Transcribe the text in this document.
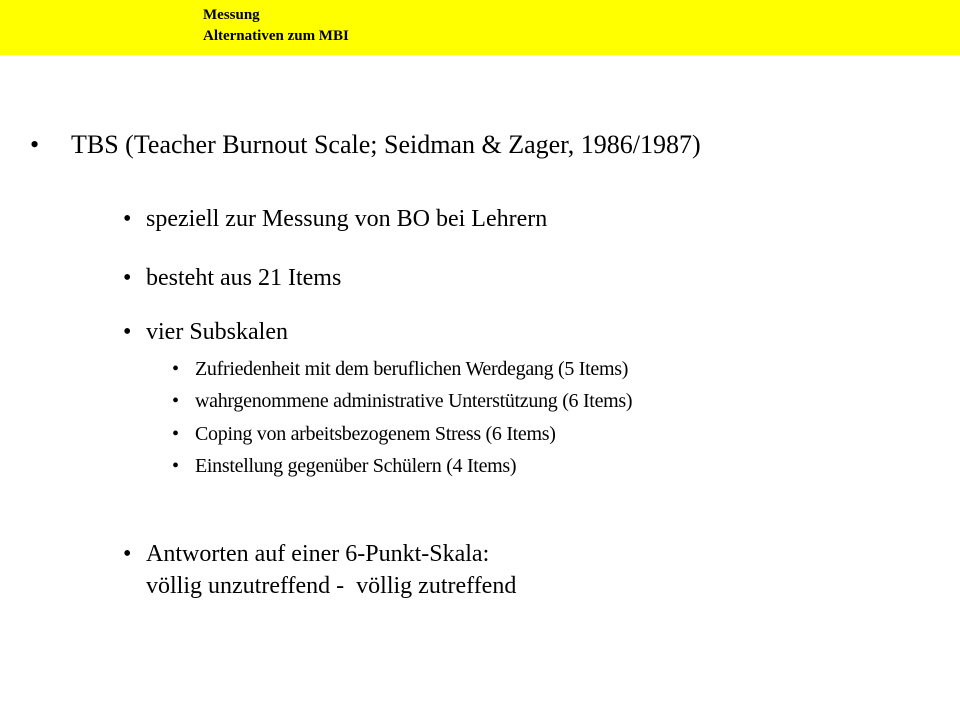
Messung
Alternativen zum MBI
• TBS (Teacher Burnout Scale; Seidman & Zager, 1986/1987)
• speziell zur Messung von BO bei Lehrern
• besteht aus 21 Items
• vier Subskalen
• Zufriedenheit mit dem beruflichen Werdegang (5 Items)
• wahrgenommene administrative Unterstützung (6 Items)
• Coping von arbeitsbezogenem Stress (6 Items)
• Einstellung gegenüber Schülern (4 Items)
• Antworten auf einer 6-Punkt-Skala:
völlig unzutreffend -  völlig zutreffend
